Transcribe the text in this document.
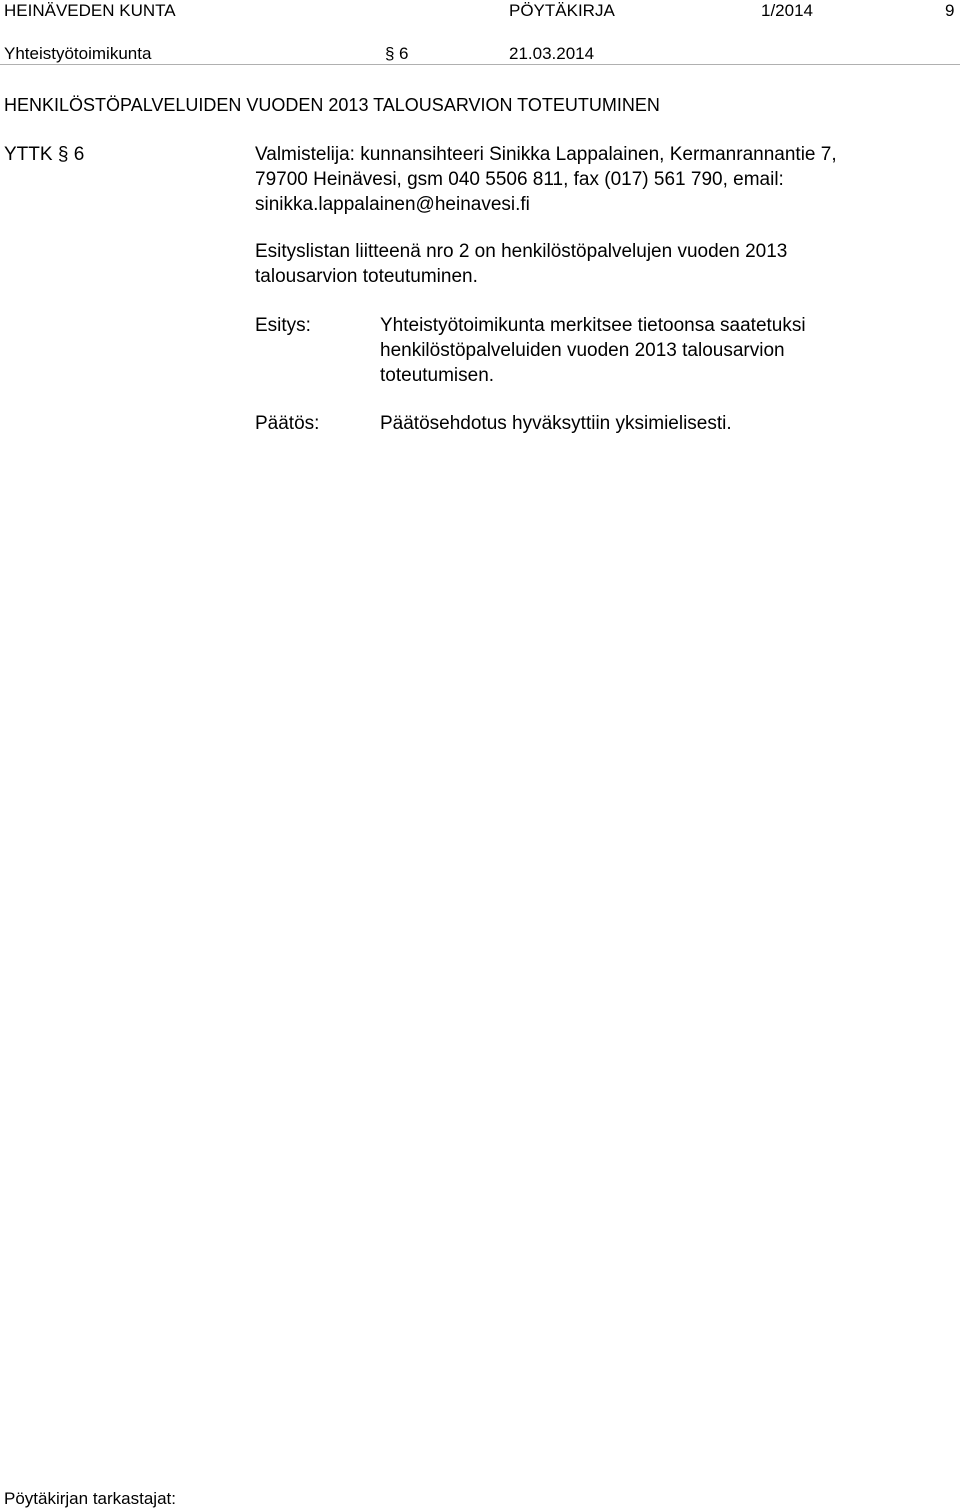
HEINÄVEDEN KUNTA	PÖYTÄKIRJA	1/2014	9
Yhteistyötoimikunta	§ 6	21.03.2014
HENKILÖSTÖPALVELUIDEN VUODEN 2013 TALOUSARVION TOTEUTUMINEN
YTTK § 6	Valmistelija: kunnansihteeri Sinikka Lappalainen, Kermanrannantie 7,
79700 Heinävesi, gsm 040 5506 811, fax (017) 561 790, email:
sinikka.lappalainen@heinavesi.fi
Esityslistan liitteenä nro 2 on henkilöstöpalvelujen vuoden 2013
talousarvion toteutuminen.
Esitys:	Yhteistyötoimikunta merkitsee tietoonsa saatetuksi
henkilöstöpalveluiden vuoden 2013 talousarvion
toteutumisen.
Päätös:	Päätösehdotus hyväksyttiin yksimielisesti.
Pöytäkirjan tarkastajat:
